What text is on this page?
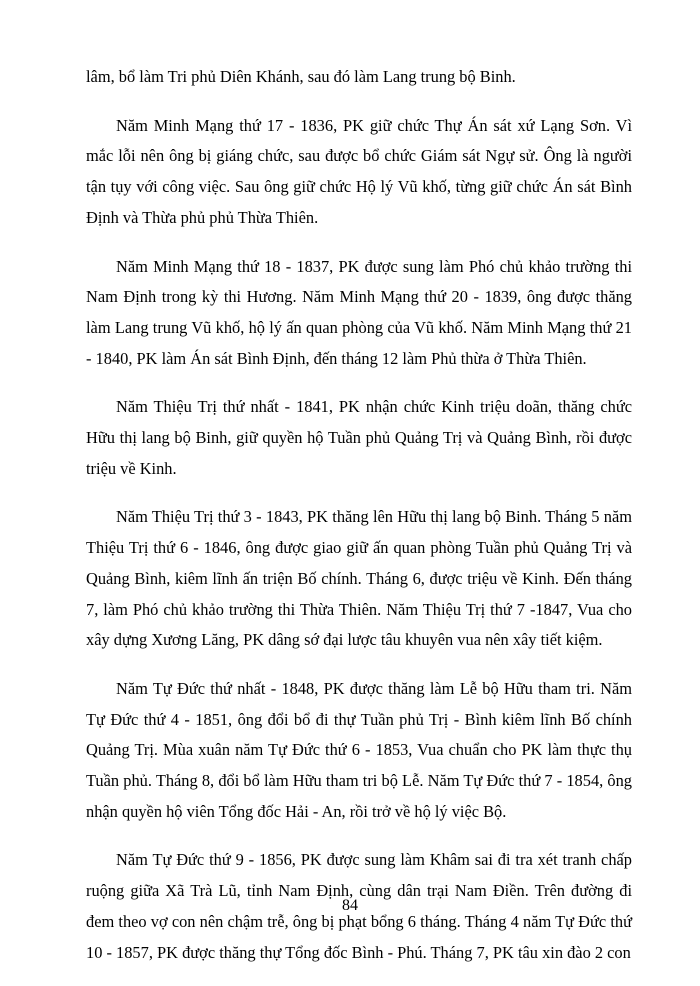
lâm, bổ làm Tri phủ Diên Khánh, sau đó làm Lang trung bộ Binh.

Năm Minh Mạng thứ 17 - 1836, PK giữ chức Thự Án sát xứ Lạng Sơn. Vì mắc lỗi nên ông bị giáng chức, sau được bổ chức Giám sát Ngự sử. Ông là người tận tụy với công việc. Sau ông giữ chức Hộ lý Vũ khố, từng giữ chức Án sát Bình Định và Thừa phủ phủ Thừa Thiên.

Năm Minh Mạng thứ 18 - 1837, PK được sung làm Phó chủ khảo trường thi Nam Định trong kỳ thi Hương. Năm Minh Mạng thứ 20 - 1839, ông được thăng làm Lang trung Vũ khố, hộ lý ấn quan phòng của Vũ khố. Năm Minh Mạng thứ 21 - 1840, PK làm Án sát Bình Định, đến tháng 12 làm Phủ thừa ở Thừa Thiên.

Năm Thiệu Trị thứ nhất - 1841, PK nhận chức Kinh triệu doãn, thăng chức Hữu thị lang bộ Binh, giữ quyền hộ Tuần phủ Quảng Trị và Quảng Bình, rồi được triệu về Kinh.

Năm Thiệu Trị thứ 3 - 1843, PK thăng lên Hữu thị lang bộ Binh. Tháng 5 năm Thiệu Trị thứ 6 - 1846, ông được giao giữ ấn quan phòng Tuần phủ Quảng Trị và Quảng Bình, kiêm lĩnh ấn triện Bố chính. Tháng 6, được triệu về Kinh. Đến tháng 7, làm Phó chủ khảo trường thi Thừa Thiên. Năm Thiệu Trị thứ 7 -1847, Vua cho xây dựng Xương Lăng, PK dâng sớ đại lược tâu khuyên vua nên xây tiết kiệm.

Năm Tự Đức thứ nhất - 1848, PK được thăng làm Lễ bộ Hữu tham tri. Năm Tự Đức thứ 4 - 1851, ông đổi bổ đi thự Tuần phủ Trị - Bình kiêm lĩnh Bố chính Quảng Trị. Mùa xuân năm Tự Đức thứ 6 - 1853, Vua chuẩn cho PK làm thực thụ Tuần phủ. Tháng 8, đổi bổ làm Hữu tham tri bộ Lễ. Năm Tự Đức thứ 7 - 1854, ông nhận quyền hộ viên Tổng đốc Hải - An, rồi trở về hộ lý việc Bộ.

Năm Tự Đức thứ 9 - 1856, PK được sung làm Khâm sai đi tra xét tranh chấp ruộng giữa Xã Trà Lũ, tỉnh Nam Định, cùng dân trại Nam Điền. Trên đường đi đem theo vợ con nên chậm trễ, ông bị phạt bổng 6 tháng. Tháng 4 năm Tự Đức thứ 10 - 1857, PK được thăng thự Tổng đốc Bình - Phú. Tháng 7, PK tâu xin đào 2 con

84
